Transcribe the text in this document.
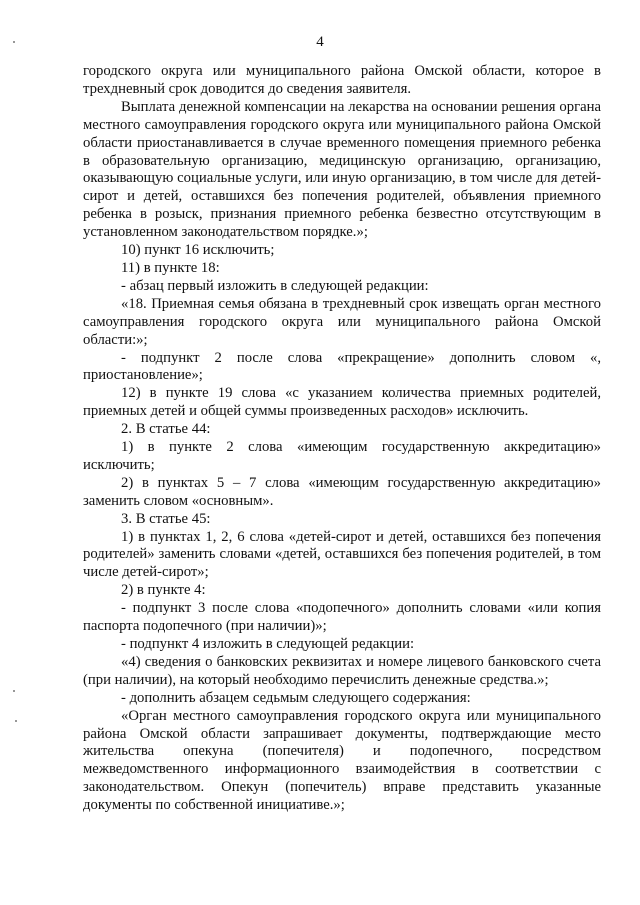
4

городского округа или муниципального района Омской области, которое в трехдневный срок доводится до сведения заявителя.

Выплата денежной компенсации на лекарства на основании решения органа местного самоуправления городского округа или муниципального района Омской области приостанавливается в случае временного помещения приемного ребенка в образовательную организацию, медицинскую организацию, организацию, оказывающую социальные услуги, или иную организацию, в том числе для детей-сирот и детей, оставшихся без попечения родителей, объявления приемного ребенка в розыск, признания приемного ребенка безвестно отсутствующим в установленном законодательством порядке.»;

10) пункт 16 исключить;

11) в пункте 18:

- абзац первый изложить в следующей редакции:

«18. Приемная семья обязана в трехдневный срок извещать орган местного самоуправления городского округа или муниципального района Омской области:»;

- подпункт 2 после слова «прекращение» дополнить словом «, приостановление»;

12) в пункте 19 слова «с указанием количества приемных родителей, приемных детей и общей суммы произведенных расходов» исключить.

2. В статье 44:

1) в пункте 2 слова «имеющим государственную аккредитацию» исключить;

2) в пунктах 5 – 7 слова «имеющим государственную аккредитацию» заменить словом «основным».

3. В статье 45:

1) в пунктах 1, 2, 6 слова «детей-сирот и детей, оставшихся без попечения родителей» заменить словами «детей, оставшихся без попечения родителей, в том числе детей-сирот»;

2) в пункте 4:

- подпункт 3 после слова «подопечного» дополнить словами «или копия паспорта подопечного (при наличии)»;

- подпункт 4 изложить в следующей редакции:

«4) сведения о банковских реквизитах и номере лицевого банковского счета (при наличии), на который необходимо перечислить денежные средства.»;

- дополнить абзацем седьмым следующего содержания:

«Орган местного самоуправления городского округа или муниципального района Омской области запрашивает документы, подтверждающие место жительства опекуна (попечителя) и подопечного, посредством межведомственного информационного взаимодействия в соответствии с законодательством. Опекун (попечитель) вправе представить указанные документы по собственной инициативе.»;
